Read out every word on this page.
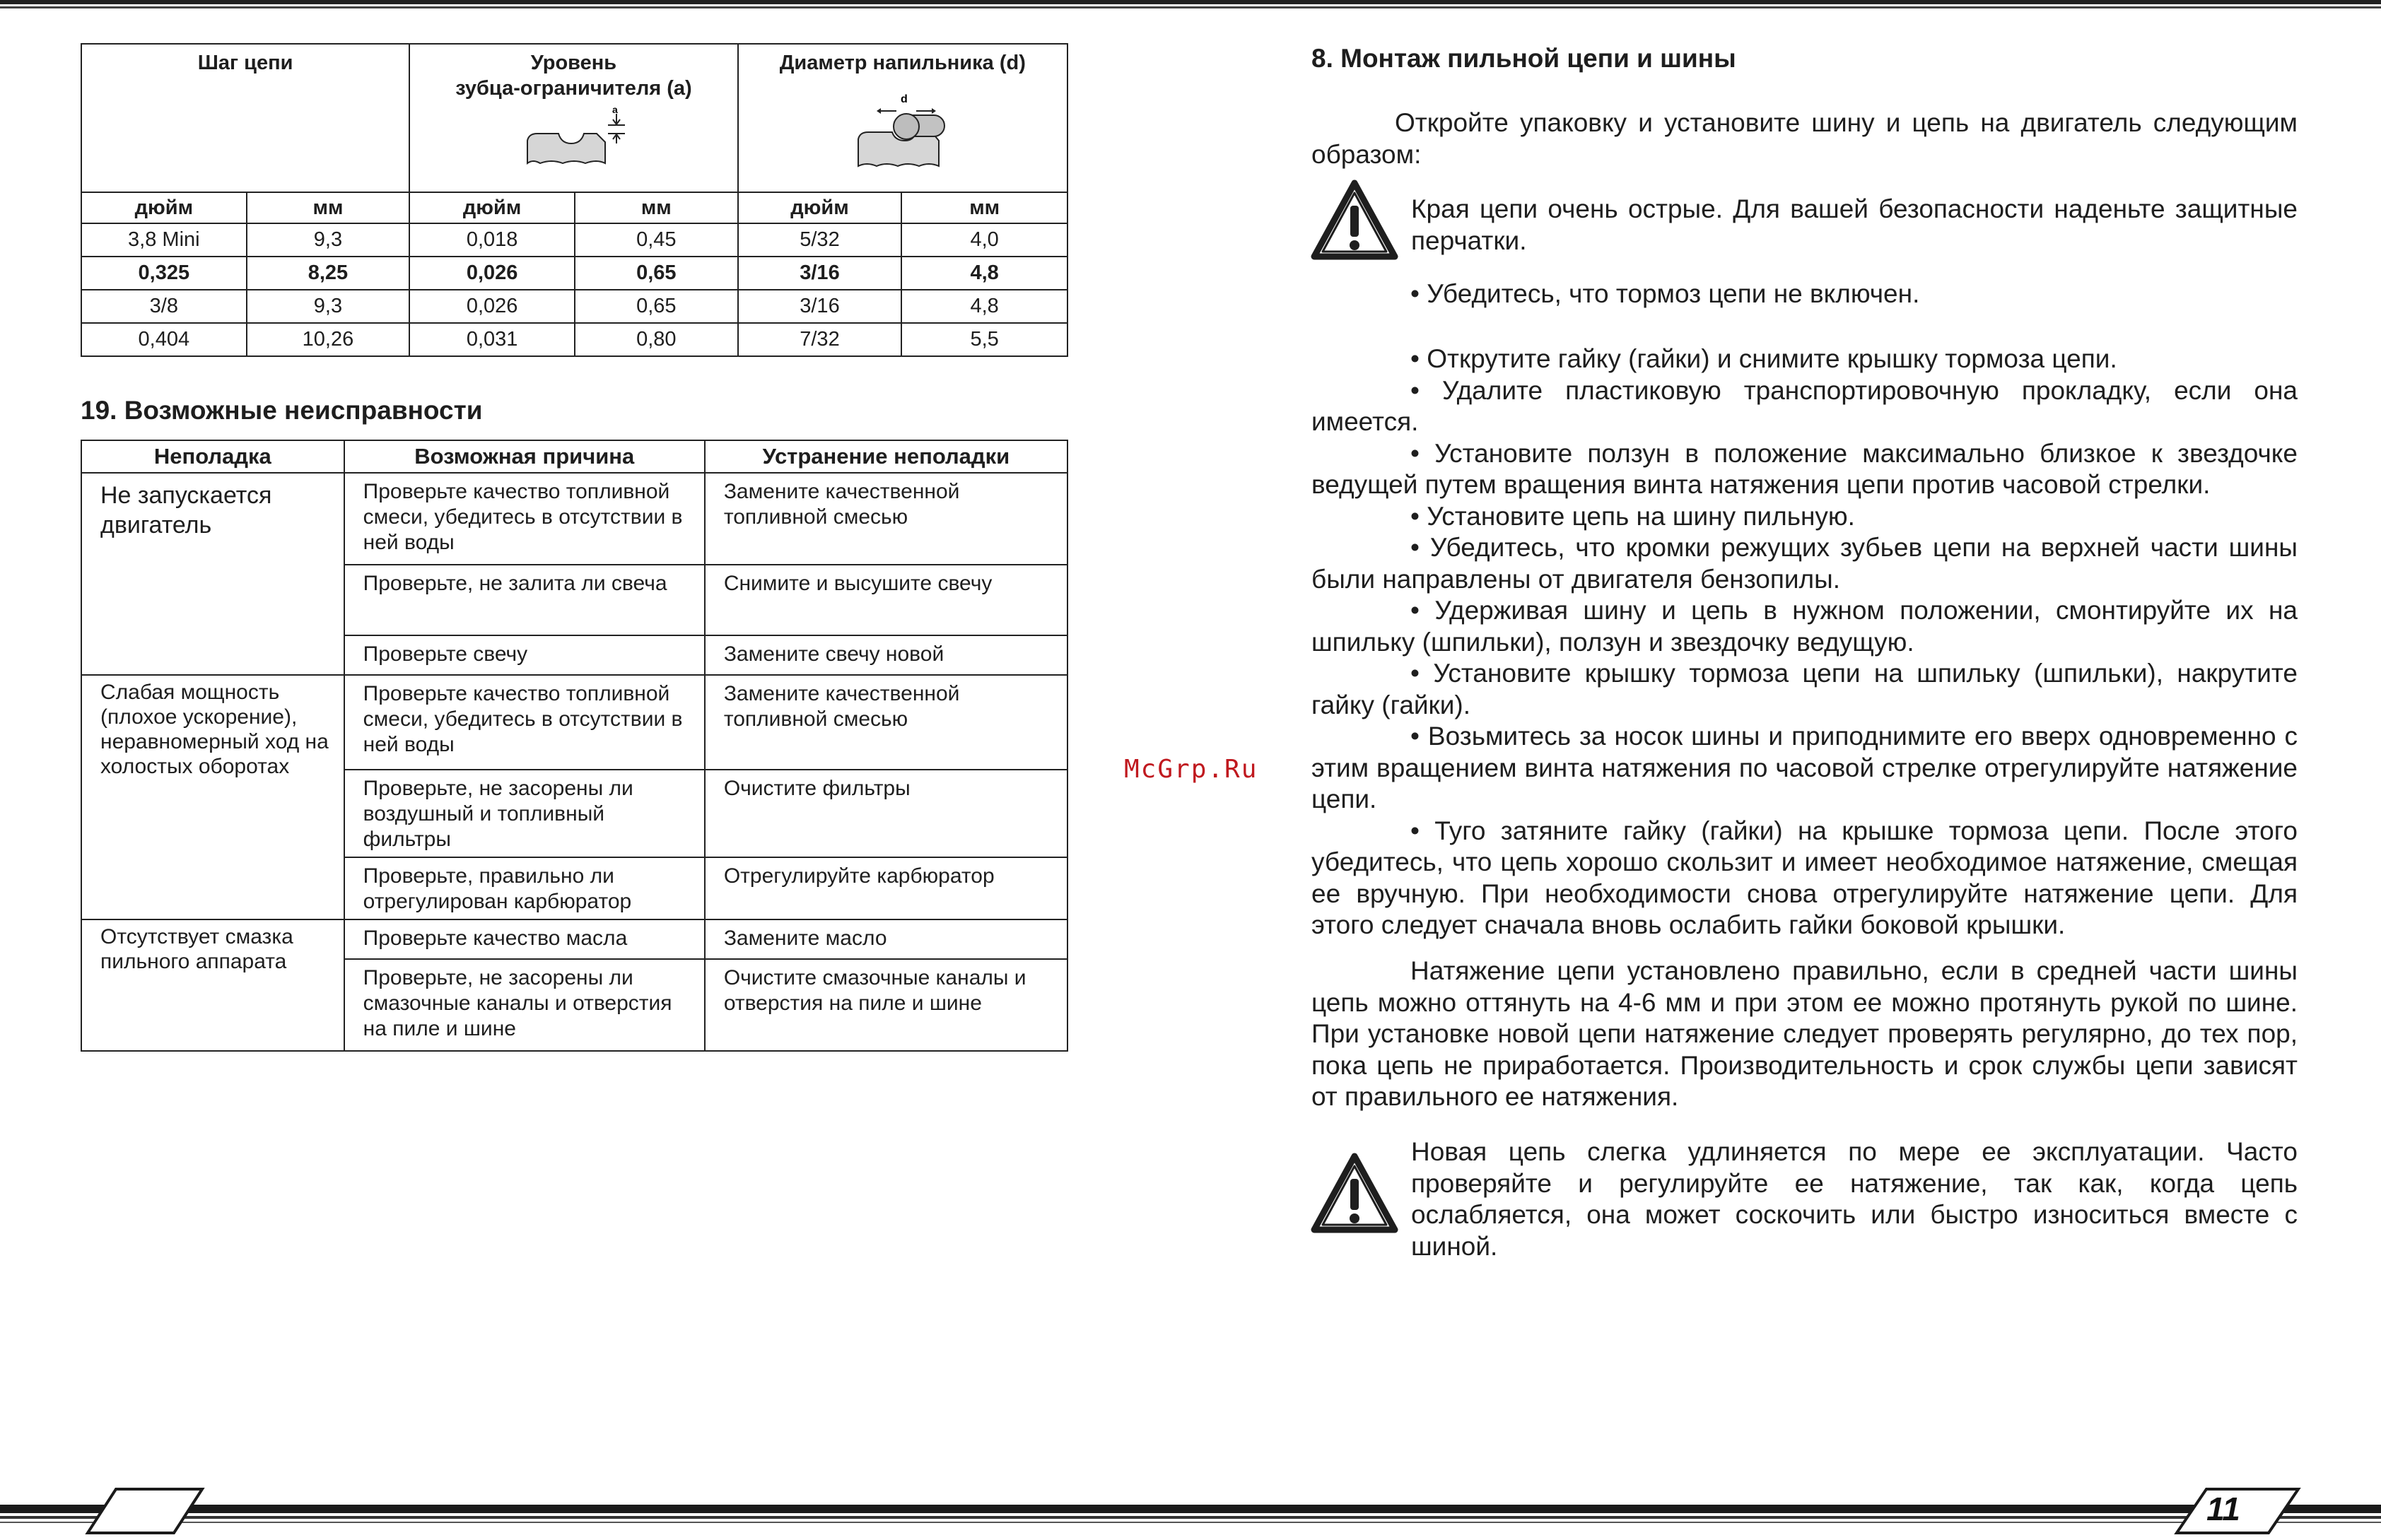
Шаг цепи		Уровень
зубца-ограничителя (a)
a		Диаметр напильника (d)
d	

дюйм	мм	дюйм	мм	дюйм	мм
3,8 Mini	9,3	0,018	0,45	5/32	4,0
0,325	8,25	0,026	0,65	3/16	4,8
3/8	9,3	0,026	0,65	3/16	4,8
0,404	10,26	0,031	0,80	7/32	5,5
19. Возможные неисправности
Неполадка	Возможная причина	Устранение неполадки
Не запускается двигатель	Проверьте качество топливной смеси, убедитесь в отсутствии в ней воды	Замените качественной топливной смесью
	Проверьте, не залита ли свеча	Снимите и высушите свечу
	Проверьте свечу	Замените свечу новой
Слабая мощность (плохое ускорение), неравномерный ход на холостых оборотах	Проверьте качество топливной смеси, убедитесь в отсутствии в ней воды	Замените качественной топливной смесью
	Проверьте, не засорены ли воздушный и топливный фильтры	Очистите фильтры
	Проверьте, правильно ли отрегулирован карбюратор	Отрегулируйте карбюратор
Отсутствует смазка пильного аппарата	Проверьте качество масла	Замените масло
	Проверьте, не засорены ли смазочные каналы и отверстия на пиле и шине	Очистите смазочные каналы и отверстия на пиле и шине
McGrp.Ru
8. Монтаж пильной цепи и шины
Откройте упаковку и установите шину и цепь на двигатель следующим образом:
Края цепи очень острые. Для вашей безопасности наденьте защитные перчатки.
• Убедитесь, что тормоз цепи не включен.

• Открутите гайку (гайки) и снимите крышку тормоза цепи.

• Удалите пластиковую транспортировочную прокладку, если она имеется.

• Установите ползун в положение максимально близкое к звездочке ведущей путем вращения винта натяжения цепи против часовой стрелки.

• Установите цепь на шину пильную.

• Убедитесь, что кромки режущих зубьев цепи на верхней части шины были направлены от двигателя бензопилы.

• Удерживая шину и цепь в нужном положении, смонтируйте их на шпильку (шпильки), ползун и звездочку ведущую.

• Установите крышку тормоза цепи на шпильку (шпильки), накрутите гайку (гайки).

• Возьмитесь за носок шины и приподнимите его вверх одновременно с этим вращением винта натяжения по часовой стрелке отрегулируйте натяжение цепи.

• Туго затяните гайку (гайки) на крышке тормоза цепи. После этого убедитесь, что цепь хорошо скользит и имеет необходимое натяжение, смещая ее вручную. При необходимости снова отрегулируйте натяжение цепи. Для этого следует сначала вновь ослабить гайки боковой крышки.

Натяжение цепи установлено правильно, если в средней части шины цепь можно оттянуть на 4-6 мм и при этом ее можно протянуть рукой по шине. При установке новой цепи натяжение следует проверять регулярно, до тех пор, пока цепь не приработается. Производительность и срок службы цепи зависят от правильного ее натяжения.
Новая цепь слегка удлиняется по мере ее эксплуатации. Часто проверяйте и регулируйте ее натяжение, так как, когда цепь ослабляется, она может соскочить или быстро износиться вместе с шиной.
11
